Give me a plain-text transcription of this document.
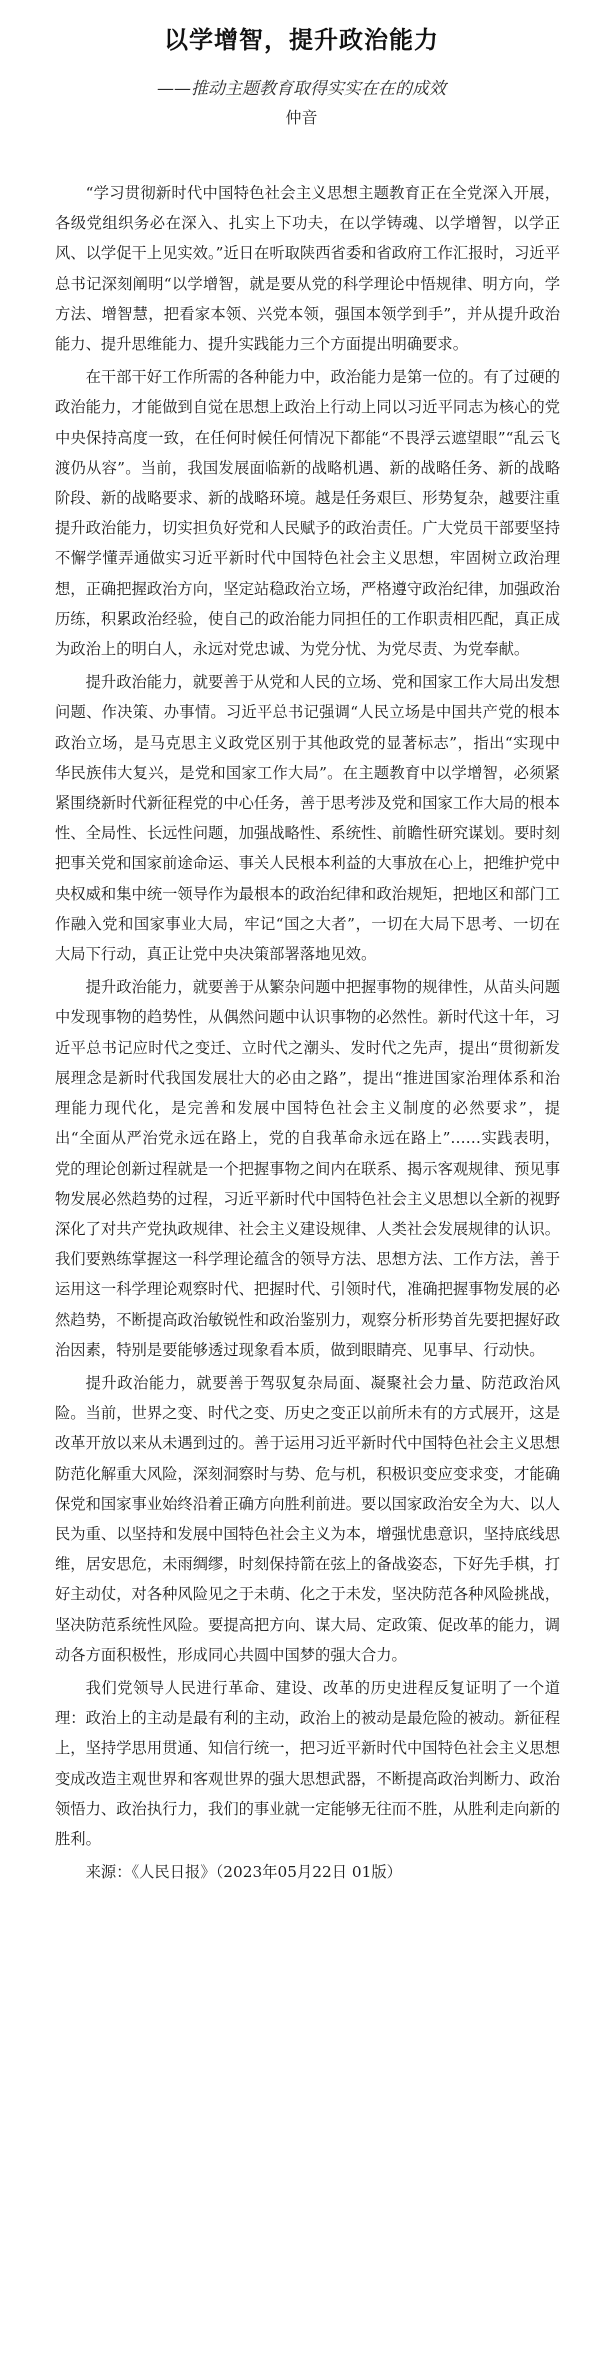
以学增智，提升政治能力
——推动主题教育取得实实在在的成效
仲音

“学习贯彻新时代中国特色社会主义思想主题教育正在全党深入开展，各级党组织务必在深入、扎实上下功夫，在以学铸魂、以学增智，以学正风、以学促干上见实效。”近日在听取陕西省委和省政府工作汇报时，习近平总书记深刻阐明“以学增智，就是要从党的科学理论中悟规律、明方向，学方法、增智慧，把看家本领、兴党本领，强国本领学到手”，并从提升政治能力、提升思维能力、提升实践能力三个方面提出明确要求。

在干部干好工作所需的各种能力中，政治能力是第一位的。有了过硬的政治能力，才能做到自觉在思想上政治上行动上同以习近平同志为核心的党中央保持高度一致，在任何时候任何情况下都能“不畏浮云遮望眼”“乱云飞渡仍从容”。当前，我国发展面临新的战略机遇、新的战略任务、新的战略阶段、新的战略要求、新的战略环境。越是任务艰巨、形势复杂，越要注重提升政治能力，切实担负好党和人民赋予的政治责任。广大党员干部要坚持不懈学懂弄通做实习近平新时代中国特色社会主义思想，牢固树立政治理想，正确把握政治方向，坚定站稳政治立场，严格遵守政治纪律，加强政治历练，积累政治经验，使自己的政治能力同担任的工作职责相匹配，真正成为政治上的明白人，永远对党忠诚、为党分忧、为党尽责、为党奉献。

提升政治能力，就要善于从党和人民的立场、党和国家工作大局出发想问题、作决策、办事情。习近平总书记强调“人民立场是中国共产党的根本政治立场，是马克思主义政党区别于其他政党的显著标志”，指出“实现中华民族伟大复兴，是党和国家工作大局”。在主题教育中以学增智，必须紧紧围绕新时代新征程党的中心任务，善于思考涉及党和国家工作大局的根本性、全局性、长远性问题，加强战略性、系统性、前瞻性研究谋划。要时刻把事关党和国家前途命运、事关人民根本利益的大事放在心上，把维护党中央权威和集中统一领导作为最根本的政治纪律和政治规矩，把地区和部门工作融入党和国家事业大局，牢记“国之大者”，一切在大局下思考、一切在大局下行动，真正让党中央决策部署落地见效。

提升政治能力，就要善于从繁杂问题中把握事物的规律性，从苗头问题中发现事物的趋势性，从偶然问题中认识事物的必然性。新时代这十年，习近平总书记应时代之变迁、立时代之潮头、发时代之先声，提出“贯彻新发展理念是新时代我国发展壮大的必由之路”，提出“推进国家治理体系和治理能力现代化，是完善和发展中国特色社会主义制度的必然要求”，提出“全面从严治党永远在路上，党的自我革命永远在路上”……实践表明，党的理论创新过程就是一个把握事物之间内在联系、揭示客观规律、预见事物发展必然趋势的过程，习近平新时代中国特色社会主义思想以全新的视野深化了对共产党执政规律、社会主义建设规律、人类社会发展规律的认识。我们要熟练掌握这一科学理论蕴含的领导方法、思想方法、工作方法，善于运用这一科学理论观察时代、把握时代、引领时代，准确把握事物发展的必然趋势，不断提高政治敏锐性和政治鉴别力，观察分析形势首先要把握好政治因素，特别是要能够透过现象看本质，做到眼睛亮、见事早、行动快。

提升政治能力，就要善于驾驭复杂局面、凝聚社会力量、防范政治风险。当前，世界之变、时代之变、历史之变正以前所未有的方式展开，这是改革开放以来从未遇到过的。善于运用习近平新时代中国特色社会主义思想防范化解重大风险，深刻洞察时与势、危与机，积极识变应变求变，才能确保党和国家事业始终沿着正确方向胜利前进。要以国家政治安全为大、以人民为重、以坚持和发展中国特色社会主义为本，增强忧患意识，坚持底线思维，居安思危，未雨绸缪，时刻保持箭在弦上的备战姿态，下好先手棋，打好主动仗，对各种风险见之于未萌、化之于未发，坚决防范各种风险挑战，坚决防范系统性风险。要提高把方向、谋大局、定政策、促改革的能力，调动各方面积极性，形成同心共圆中国梦的强大合力。

我们党领导人民进行革命、建设、改革的历史进程反复证明了一个道理：政治上的主动是最有利的主动，政治上的被动是最危险的被动。新征程上，坚持学思用贯通、知信行统一，把习近平新时代中国特色社会主义思想变成改造主观世界和客观世界的强大思想武器，不断提高政治判断力、政治领悟力、政治执行力，我们的事业就一定能够无往而不胜，从胜利走向新的胜利。

来源：《人民日报》（2023年05月22日 01版）
